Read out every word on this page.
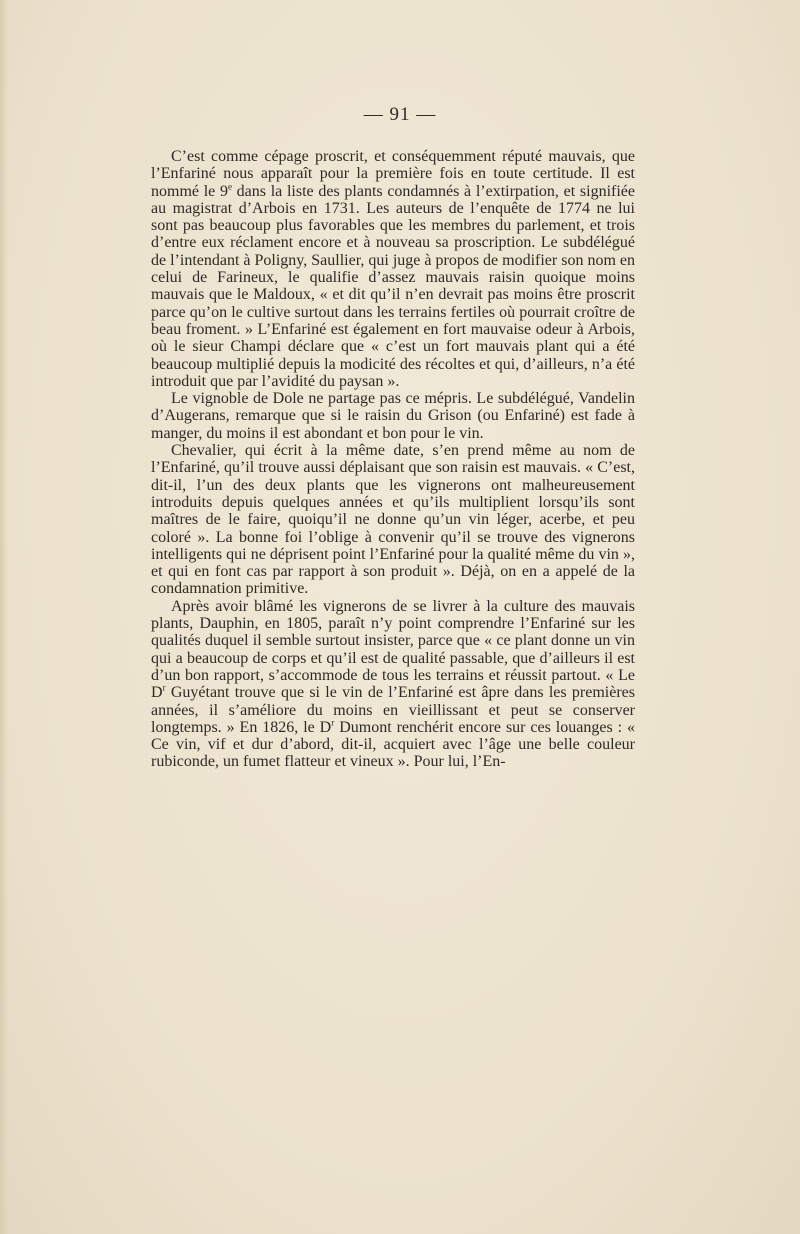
— 91 —

C’est comme cépage proscrit, et conséquemment réputé mauvais, que l’Enfariné nous apparaît pour la première fois en toute certitude. Il est nommé le 9e dans la liste des plants condamnés à l’extirpation, et signifiée au magistrat d’Arbois en 1731. Les auteurs de l’enquête de 1774 ne lui sont pas beaucoup plus favorables que les membres du parlement, et trois d’entre eux réclament encore et à nouveau sa proscription. Le subdélégué de l’intendant à Poligny, Saullier, qui juge à propos de modifier son nom en celui de Farineux, le qualifie d’assez mauvais raisin quoique moins mauvais que le Maldoux, « et dit qu’il n’en devrait pas moins être proscrit parce qu’on le cultive surtout dans les terrains fertiles où pourrait croître de beau froment. » L’Enfariné est également en fort mauvaise odeur à Arbois, où le sieur Champi déclare que « c’est un fort mauvais plant qui a été beaucoup multiplié depuis la modicité des récoltes et qui, d’ailleurs, n’a été introduit que par l’avidité du paysan ».

Le vignoble de Dole ne partage pas ce mépris. Le subdélégué, Vandelin d’Augerans, remarque que si le raisin du Grison (ou Enfariné) est fade à manger, du moins il est abondant et bon pour le vin.

Chevalier, qui écrit à la même date, s’en prend même au nom de l’Enfariné, qu’il trouve aussi déplaisant que son raisin est mauvais. « C’est, dit-il, l’un des deux plants que les vignerons ont malheureusement introduits depuis quelques années et qu’ils multiplient lorsqu’ils sont maîtres de le faire, quoiqu’il ne donne qu’un vin léger, acerbe, et peu coloré ». La bonne foi l’oblige à convenir qu’il se trouve des vignerons intelligents qui ne déprisent point l’Enfariné pour la qualité même du vin », et qui en font cas par rapport à son produit ». Déjà, on en a appelé de la condamnation primitive.

Après avoir blâmé les vignerons de se livrer à la culture des mauvais plants, Dauphin, en 1805, paraît n’y point comprendre l’Enfariné sur les qualités duquel il semble surtout insister, parce que « ce plant donne un vin qui a beaucoup de corps et qu’il est de qualité passable, que d’ailleurs il est d’un bon rapport, s’accommode de tous les terrains et réussit partout. « Le $D^r$ Guyétant trouve que si le vin de l’Enfariné est âpre dans les premières années, il s’améliore du moins en vieillissant et peut se conserver longtemps. » En 1826, le $D^r$ Dumont renchérit encore sur ces louanges : « Ce vin, vif et dur d’abord, dit-il, acquiert avec l’âge une belle couleur rubiconde, un fumet flatteur et vineux ». Pour lui, l’En-
